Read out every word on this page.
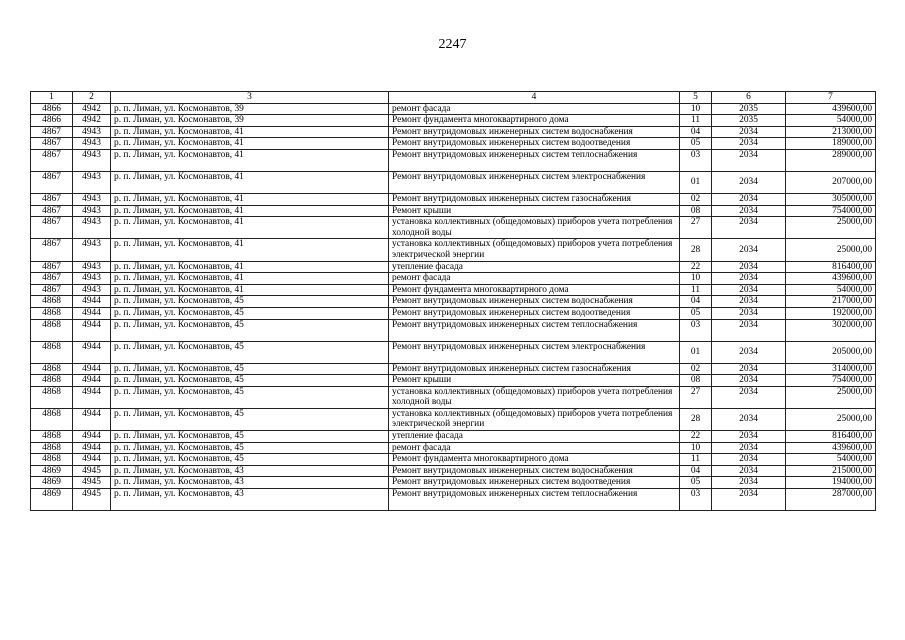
2247
1	2	3	4	5	6	7
4866	4942	р. п. Лиман, ул. Космонавтов, 39	ремонт фасада	10	2035	439600,00
4866	4942	р. п. Лиман, ул. Космонавтов, 39	Ремонт фундамента многоквартирного дома	11	2035	54000,00
4867	4943	р. п. Лиман, ул. Космонавтов, 41	Ремонт внутридомовых инженерных систем водоснабжения	04	2034	213000,00
4867	4943	р. п. Лиман, ул. Космонавтов, 41	Ремонт внутридомовых инженерных систем водоотведения	05	2034	189000,00
4867	4943	р. п. Лиман, ул. Космонавтов, 41	Ремонт внутридомовых инженерных систем теплоснабжения	03	2034	289000,00
4867	4943	р. п. Лиман, ул. Космонавтов, 41	Ремонт внутридомовых инженерных систем электроснабжения	01	2034	207000,00
4867	4943	р. п. Лиман, ул. Космонавтов, 41	Ремонт внутридомовых инженерных систем газоснабжения	02	2034	305000,00
4867	4943	р. п. Лиман, ул. Космонавтов, 41	Ремонт крыши	08	2034	754000,00
4867	4943	р. п. Лиман, ул. Космонавтов, 41	установка коллективных (общедомовых) приборов учета потребления холодной воды	27	2034	25000,00
4867	4943	р. п. Лиман, ул. Космонавтов, 41	установка коллективных (общедомовых) приборов учета потребления электрической энергии	28	2034	25000,00
4867	4943	р. п. Лиман, ул. Космонавтов, 41	утепление фасада	22	2034	816400,00
4867	4943	р. п. Лиман, ул. Космонавтов, 41	ремонт фасада	10	2034	439600,00
4867	4943	р. п. Лиман, ул. Космонавтов, 41	Ремонт фундамента многоквартирного дома	11	2034	54000,00
4868	4944	р. п. Лиман, ул. Космонавтов, 45	Ремонт внутридомовых инженерных систем водоснабжения	04	2034	217000,00
4868	4944	р. п. Лиман, ул. Космонавтов, 45	Ремонт внутридомовых инженерных систем водоотведения	05	2034	192000,00
4868	4944	р. п. Лиман, ул. Космонавтов, 45	Ремонт внутридомовых инженерных систем теплоснабжения	03	2034	302000,00
4868	4944	р. п. Лиман, ул. Космонавтов, 45	Ремонт внутридомовых инженерных систем электроснабжения	01	2034	205000,00
4868	4944	р. п. Лиман, ул. Космонавтов, 45	Ремонт внутридомовых инженерных систем газоснабжения	02	2034	314000,00
4868	4944	р. п. Лиман, ул. Космонавтов, 45	Ремонт крыши	08	2034	754000,00
4868	4944	р. п. Лиман, ул. Космонавтов, 45	установка коллективных (общедомовых) приборов учета потребления холодной воды	27	2034	25000,00
4868	4944	р. п. Лиман, ул. Космонавтов, 45	установка коллективных (общедомовых) приборов учета потребления электрической энергии	28	2034	25000,00
4868	4944	р. п. Лиман, ул. Космонавтов, 45	утепление фасада	22	2034	816400,00
4868	4944	р. п. Лиман, ул. Космонавтов, 45	ремонт фасада	10	2034	439600,00
4868	4944	р. п. Лиман, ул. Космонавтов, 45	Ремонт фундамента многоквартирного дома	11	2034	54000,00
4869	4945	р. п. Лиман, ул. Космонавтов, 43	Ремонт внутридомовых инженерных систем водоснабжения	04	2034	215000,00
4869	4945	р. п. Лиман, ул. Космонавтов, 43	Ремонт внутридомовых инженерных систем водоотведения	05	2034	194000,00
4869	4945	р. п. Лиман, ул. Космонавтов, 43	Ремонт внутридомовых инженерных систем теплоснабжения	03	2034	287000,00
